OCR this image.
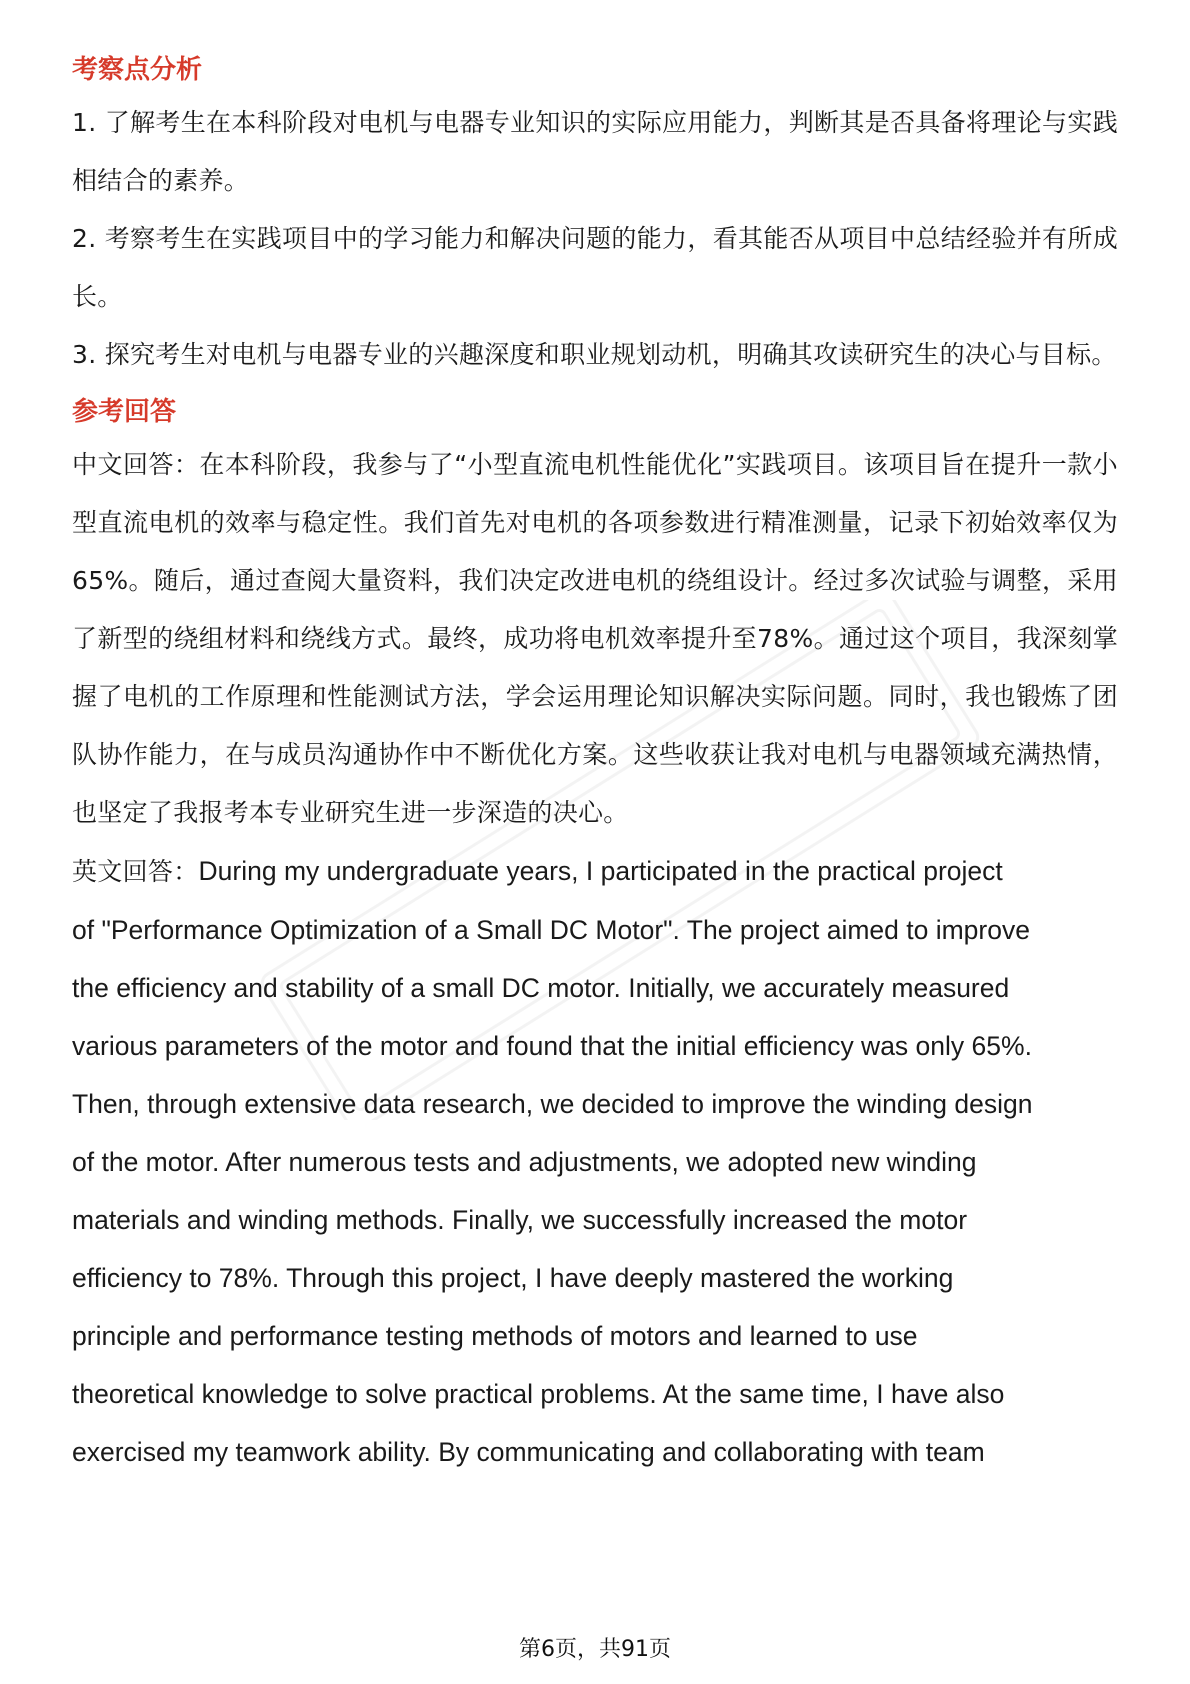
考察点分析

1. 了解考生在本科阶段对电机与电器专业知识的实际应用能力，判断其是否具备将理论与实践相结合的素养。

2. 考察考生在实践项目中的学习能力和解决问题的能力，看其能否从项目中总结经验并有所成长。

3. 探究考生对电机与电器专业的兴趣深度和职业规划动机，明确其攻读研究生的决心与目标。

参考回答

中文回答：在本科阶段，我参与了“小型直流电机性能优化”实践项目。该项目旨在提升一款小型直流电机的效率与稳定性。我们首先对电机的各项参数进行精准测量，记录下初始效率仅为65%。随后，通过查阅大量资料，我们决定改进电机的绕组设计。经过多次试验与调整，采用了新型的绕组材料和绕线方式。最终，成功将电机效率提升至78%。通过这个项目，我深刻掌握了电机的工作原理和性能测试方法，学会运用理论知识解决实际问题。同时，我也锻炼了团队协作能力，在与成员沟通协作中不断优化方案。这些收获让我对电机与电器领域充满热情，也坚定了我报考本专业研究生进一步深造的决心。

英文回答：During my undergraduate years, I participated in the practical project

of "Performance Optimization of a Small DC Motor". The project aimed to improve

the efficiency and stability of a small DC motor. Initially, we accurately measured

various parameters of the motor and found that the initial efficiency was only 65%.

Then, through extensive data research, we decided to improve the winding design

of the motor. After numerous tests and adjustments, we adopted new winding

materials and winding methods. Finally, we successfully increased the motor

efficiency to 78%. Through this project, I have deeply mastered the working

principle and performance testing methods of motors and learned to use

theoretical knowledge to solve practical problems. At the same time, I have also

exercised my teamwork ability. By communicating and collaborating with team

第6页，共91页
